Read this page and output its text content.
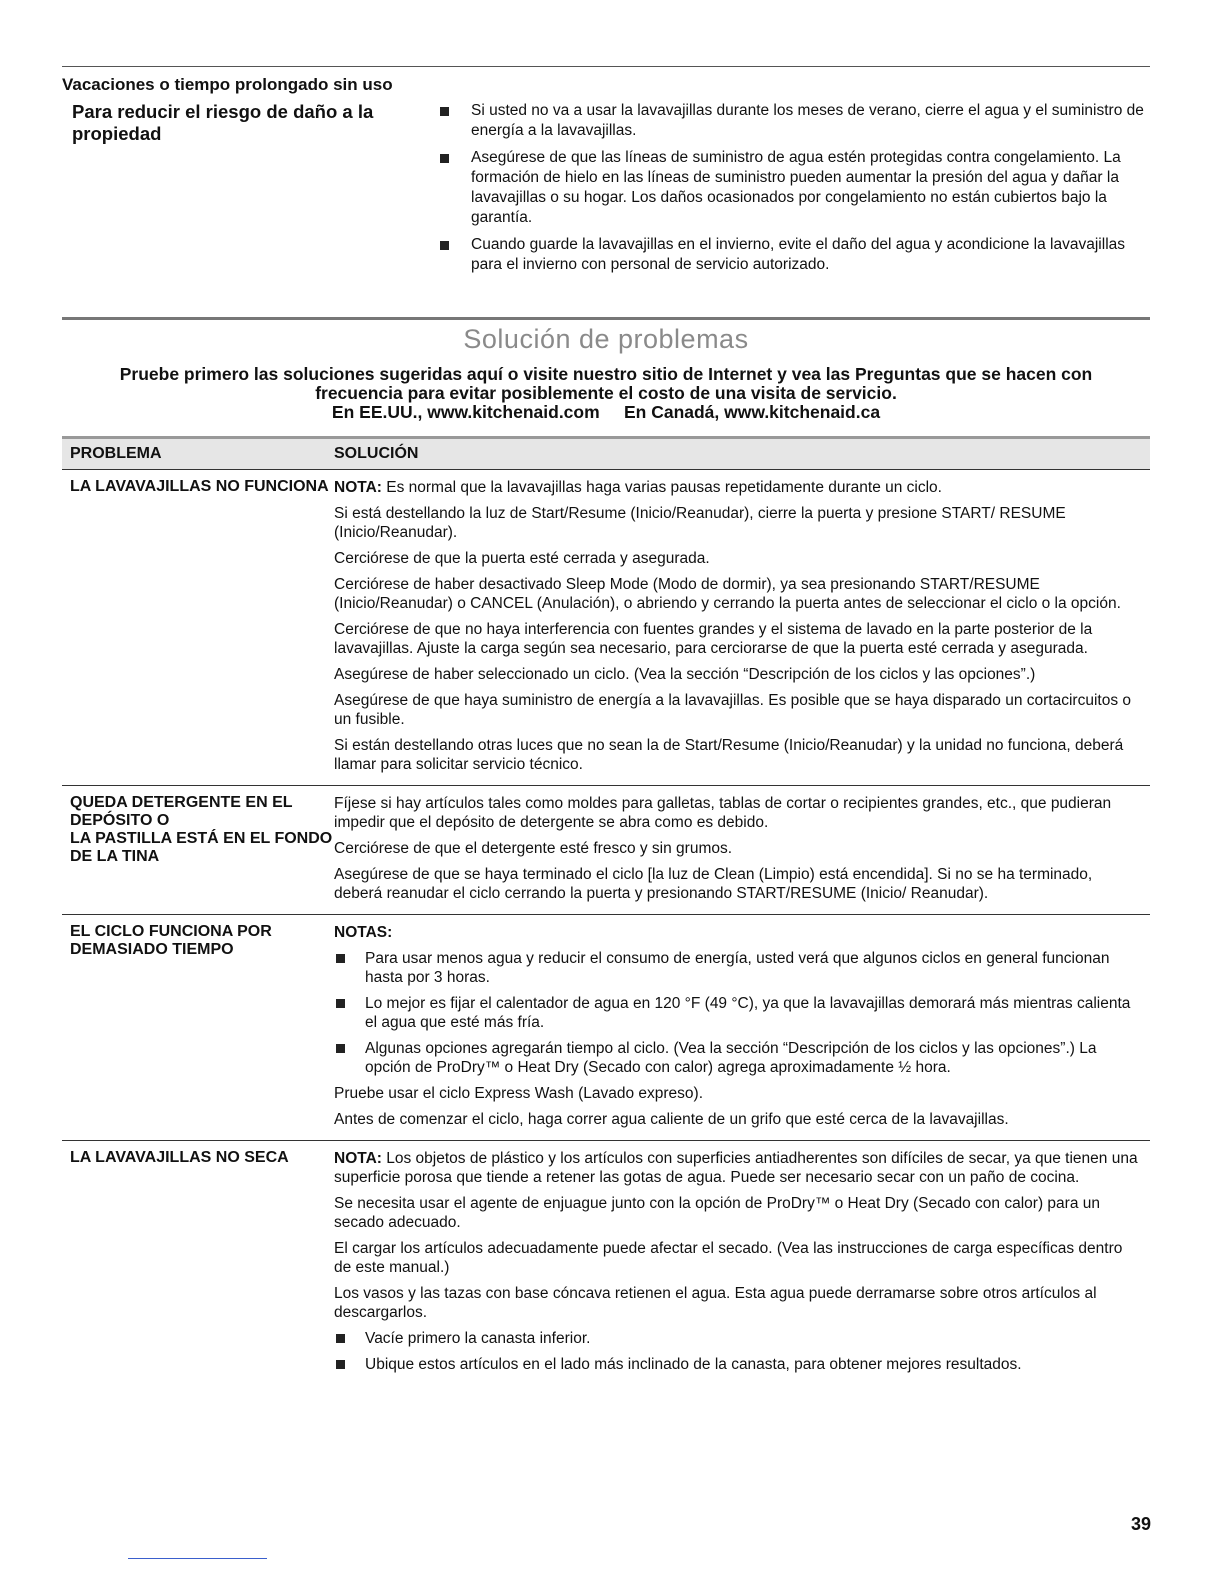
Vacaciones o tiempo prolongado sin uso
Para reducir el riesgo de daño a la propiedad
Si usted no va a usar la lavavajillas durante los meses de verano, cierre el agua y el suministro de energía a la lavavajillas.
Asegúrese de que las líneas de suministro de agua estén protegidas contra congelamiento. La formación de hielo en las líneas de suministro pueden aumentar la presión del agua y dañar la lavavajillas o su hogar. Los daños ocasionados por congelamiento no están cubiertos bajo la garantía.
Cuando guarde la lavavajillas en el invierno, evite el daño del agua y acondicione la lavavajillas para el invierno con personal de servicio autorizado.
Solución de problemas
Pruebe primero las soluciones sugeridas aquí o visite nuestro sitio de Internet y vea las Preguntas que se hacen con
frecuencia para evitar posiblemente el costo de una visita de servicio.
En EE.UU., www.kitchenaid.com     En Canadá, www.kitchenaid.ca
PROBLEMA	SOLUCIÓN
LA LAVAVAJILLAS NO FUNCIONA NOTA: Es normal que la lavavajillas haga varias pausas repetidamente durante un ciclo.
Si está destellando la luz de Start/Resume (Inicio/Reanudar), cierre la puerta y presione START/ RESUME (Inicio/Reanudar).
Cerciórese de que la puerta esté cerrada y asegurada.
Cerciórese de haber desactivado Sleep Mode (Modo de dormir), ya sea presionando START/RESUME (Inicio/Reanudar) o CANCEL (Anulación), o abriendo y cerrando la puerta antes de seleccionar el ciclo o la opción.
Cerciórese de que no haya interferencia con fuentes grandes y el sistema de lavado en la parte posterior de la lavavajillas. Ajuste la carga según sea necesario, para cerciorarse de que la puerta esté cerrada y asegurada.
Asegúrese de haber seleccionado un ciclo. (Vea la sección “Descripción de los ciclos y las opciones”.)
Asegúrese de que haya suministro de energía a la lavavajillas. Es posible que se haya disparado un cortacircuitos o un fusible.
Si están destellando otras luces que no sean la de Start/Resume (Inicio/Reanudar) y la unidad no funciona, deberá llamar para solicitar servicio técnico.
QUEDA DETERGENTE EN EL DEPÓSITO O
LA PASTILLA ESTÁ EN EL FONDO DE LA TINA
Fíjese si hay artículos tales como moldes para galletas, tablas de cortar o recipientes grandes, etc., que pudieran impedir que el depósito de detergente se abra como es debido.
Cerciórese de que el detergente esté fresco y sin grumos.
Asegúrese de que se haya terminado el ciclo [la luz de Clean (Limpio) está encendida]. Si no se ha terminado, deberá reanudar el ciclo cerrando la puerta y presionando START/RESUME (Inicio/ Reanudar).
EL CICLO FUNCIONA POR DEMASIADO TIEMPO
NOTAS:
Para usar menos agua y reducir el consumo de energía, usted verá que algunos ciclos en general funcionan hasta por 3 horas.
Lo mejor es fijar el calentador de agua en 120 °F (49 °C), ya que la lavavajillas demorará más mientras calienta el agua que esté más fría.
Algunas opciones agregarán tiempo al ciclo. (Vea la sección “Descripción de los ciclos y las opciones”.) La opción de ProDry™ o Heat Dry (Secado con calor) agrega aproximadamente ½ hora.
Pruebe usar el ciclo Express Wash (Lavado expreso).
Antes de comenzar el ciclo, haga correr agua caliente de un grifo que esté cerca de la lavavajillas.
LA LAVAVAJILLAS NO SECA	NOTA: Los objetos de plástico y los artículos con superficies antiadherentes son difíciles de secar, ya que tienen una superficie porosa que tiende a retener las gotas de agua. Puede ser necesario secar con un paño de cocina.
Se necesita usar el agente de enjuague junto con la opción de ProDry™ o Heat Dry (Secado con calor) para un secado adecuado.
El cargar los artículos adecuadamente puede afectar el secado. (Vea las instrucciones de carga específicas dentro de este manual.)
Los vasos y las tazas con base cóncava retienen el agua. Esta agua puede derramarse sobre otros artículos al descargarlos.
Vacíe primero la canasta inferior.
Ubique estos artículos en el lado más inclinado de la canasta, para obtener mejores resultados.
39
